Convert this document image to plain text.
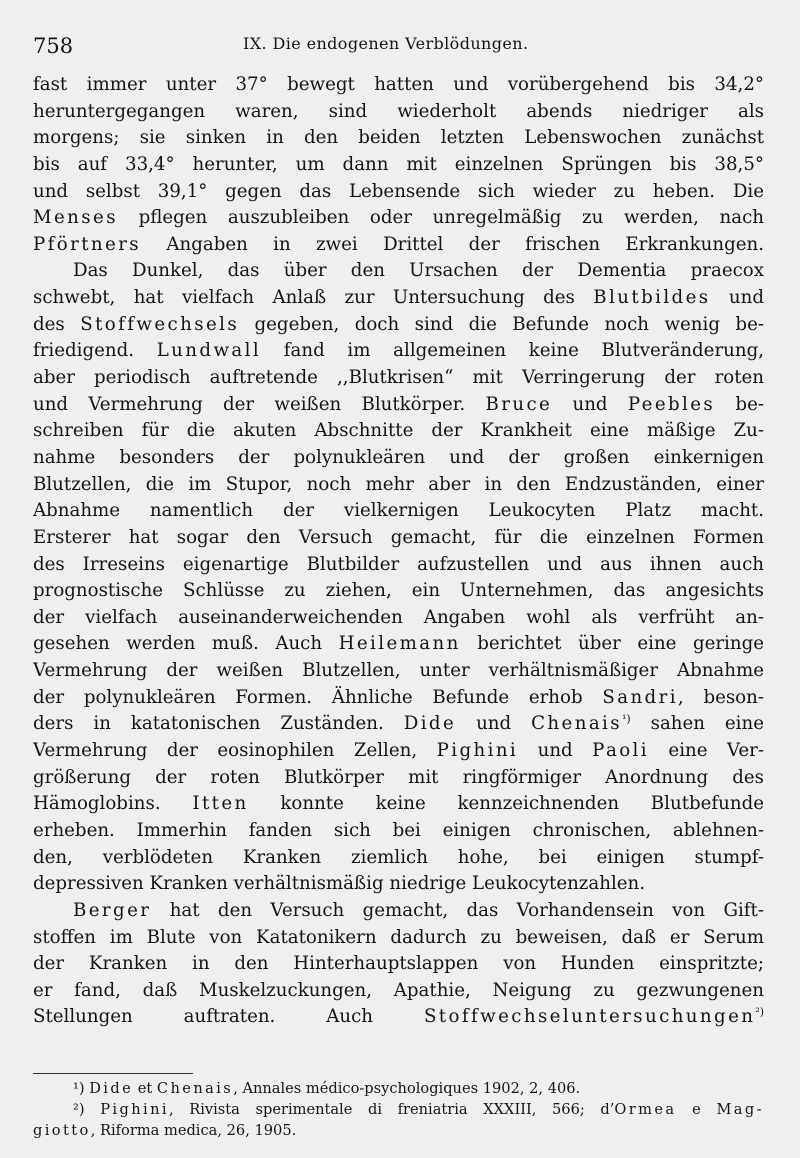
758	IX. Die endogenen Verblödungen.
fast immer unter 37° bewegt hatten und vorübergehend bis 34,2°
heruntergegangen waren, sind wiederholt abends niedriger als
morgens; sie sinken in den beiden letzten Lebenswochen zunächst
bis auf 33,4° herunter, um dann mit einzelnen Sprüngen bis 38,5°
und selbst 39,1° gegen das Lebensende sich wieder zu heben. Die
Menses pflegen auszubleiben oder unregelmäßig zu werden, nach
Pförtners Angaben in zwei Drittel der frischen Erkrankungen.
Das Dunkel, das über den Ursachen der Dementia praecox
schwebt, hat vielfach Anlaß zur Untersuchung des Blutbildes und
des Stoffwechsels gegeben, doch sind die Befunde noch wenig be-
friedigend. Lundwall fand im allgemeinen keine Blutveränderung,
aber periodisch auftretende ,,Blutkrisen“ mit Verringerung der roten
und Vermehrung der weißen Blutkörper. Bruce und Peebles be-
schreiben für die akuten Abschnitte der Krankheit eine mäßige Zu-
nahme besonders der polynukleären und der großen einkernigen
Blutzellen, die im Stupor, noch mehr aber in den Endzuständen, einer
Abnahme namentlich der vielkernigen Leukocyten Platz macht.
Ersterer hat sogar den Versuch gemacht, für die einzelnen Formen
des Irreseins eigenartige Blutbilder aufzustellen und aus ihnen auch
prognostische Schlüsse zu ziehen, ein Unternehmen, das angesichts
der vielfach auseinanderweichenden Angaben wohl als verfrüht an-
gesehen werden muß. Auch Heilemann berichtet über eine geringe
Vermehrung der weißen Blutzellen, unter verhältnismäßiger Abnahme
der polynukleären Formen. Ähnliche Befunde erhob Sandri, beson-
ders in katatonischen Zuständen. Dide und Chenais$^{^1)}$ sahen eine
Vermehrung der eosinophilen Zellen, Pighini und Paoli eine Ver-
größerung der roten Blutkörper mit ringförmiger Anordnung des
Hämoglobins. Itten konnte keine kennzeichnenden Blutbefunde
erheben. Immerhin fanden sich bei einigen chronischen, ablehnen-
den, verblödeten Kranken ziemlich hohe, bei einigen stumpf-
depressiven Kranken verhältnismäßig niedrige Leukocytenzahlen.
Berger hat den Versuch gemacht, das Vorhandensein von Gift-
stoffen im Blute von Katatonikern dadurch zu beweisen, daß er Serum
der Kranken in den Hinterhauptslappen von Hunden einspritzte;
er fand, daß Muskelzuckungen, Apathie, Neigung zu gezwungenen
Stellungen auftraten. Auch Stoffwechseluntersuchungen$^{^2)}$
¹) Dide et Chenais, Annales médico-psychologiques 1902, 2, 406.
²) Pighini, Rivista sperimentale di freniatria XXXIII, 566; d’Ormea e Mag-
giotto, Riforma medica, 26, 1905.
